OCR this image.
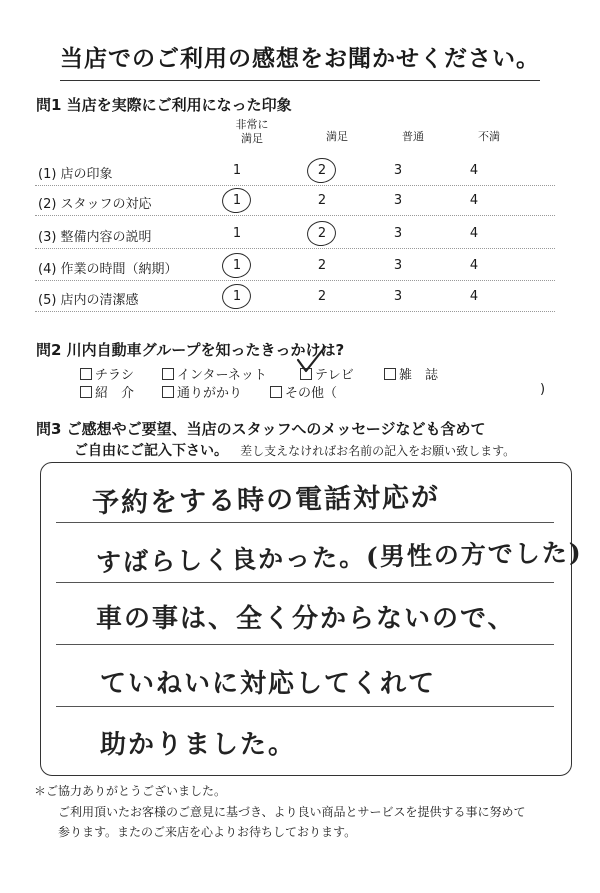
当店でのご利用の感想をお聞かせください。
問1 当店を実際にご利用になった印象
非常に
満足	満足	普通	不満
(1) 店の印象	1	2	3	4
(2) スタッフの対応	1	2	3	4
(3) 整備内容の説明	1	2	3	4
(4) 作業の時間（納期）	1	2	3	4
(5) 店内の清潔感	1	2	3	4
問2 川内自動車グループを知ったきっかけは?
チラシ	インターネット	テレビ	雑　誌
紹　介	通りがかり	その他（	)
問3 ご感想やご要望、当店のスタッフへのメッセージなども含めて
ご自由にご記入下さい。 差し支えなければお名前の記入をお願い致します。
予約をする時の電話対応が
すばらしく良かった。(男性の方でした)
車の事は、全く分からないので、
ていねいに対応してくれて
助かりました。
＊ご協力ありがとうございました。
ご利用頂いたお客様のご意見に基づき、より良い商品とサービスを提供する事に努めて
参ります。またのご来店を心よりお待ちしております。
